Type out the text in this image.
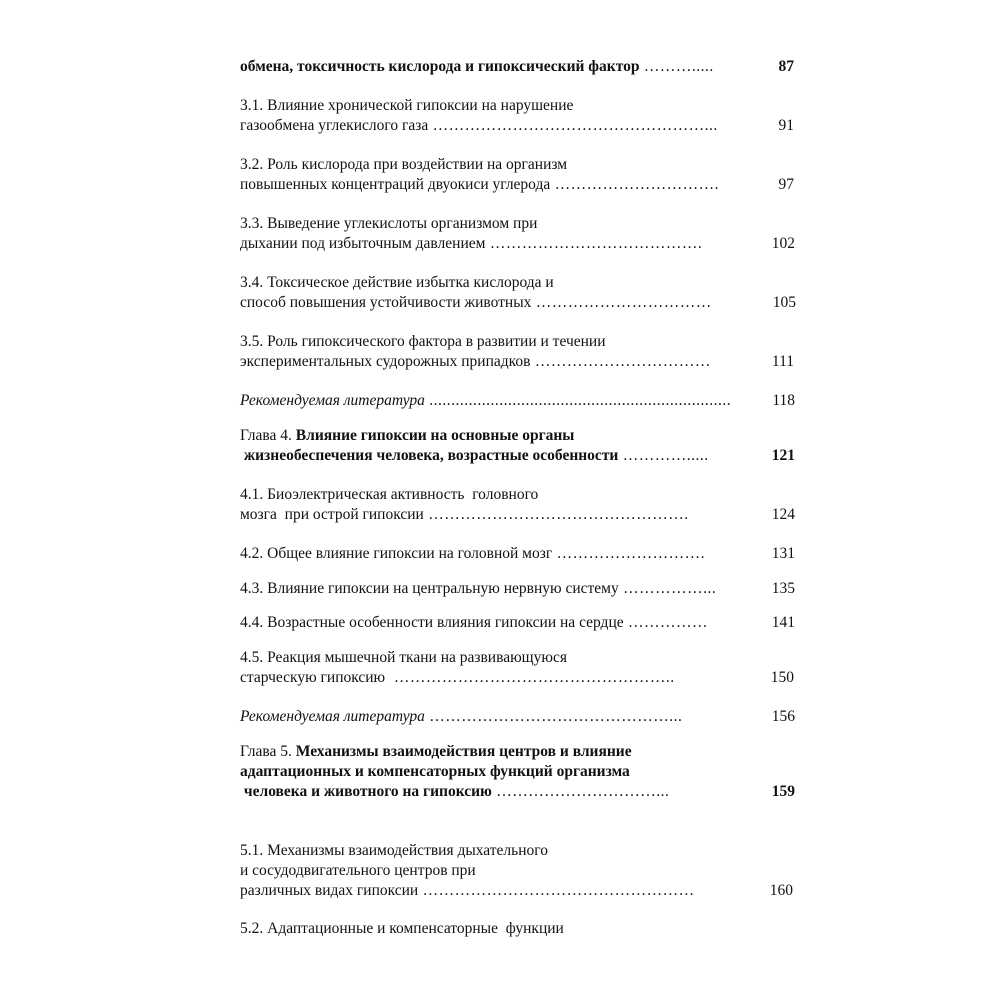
обмена, токсичность кислорода и гипоксический фактор ……….....	87
3.1. Влияние хронической гипоксии на нарушение
газообмена углекислого газа ……………………………………………...	91
3.2. Роль кислорода при воздействии на организм
повышенных концентраций двуокиси углерода ………………………….	97
3.3. Выведение углекислоты организмом при
дыхании под избыточным давлением ………………………………….	102
3.4. Токсическое действие избытка кислорода и
способ повышения устойчивости животных ……………………………	105
3.5. Роль гипоксического фактора в развитии и течении
экспериментальных судорожных припадков ……………………………	111
Рекомендуемая литература .....................................................................	118
Глава 4. Влияние гипоксии на основные органы
жизнеобеспечения человека, возрастные особенности ………….....	121
4.1. Биоэлектрическая активность  головного
мозга  при острой гипоксии ………………………………………….	124
4.2. Общее влияние гипоксии на головной мозг ……………………….	131
4.3. Влияние гипоксии на центральную нервную систему ……………...	135
4.4. Возрастные особенности влияния гипоксии на сердце ……………	141
4.5. Реакция мышечной ткани на развивающуюся
старческую гипоксию  ……………………………………………..	150
Рекомендуемая литература ………………………………………...	156
Глава 5. Механизмы взаимодействия центров и влияние
адаптационных и компенсаторных функций организма
человека и животного на гипоксию …………………………...	159
5.1. Механизмы взаимодействия дыхательного
и сосудодвигательного центров при
различных видах гипоксии ……………………………………………	160
5.2. Адаптационные и компенсаторные  функции
